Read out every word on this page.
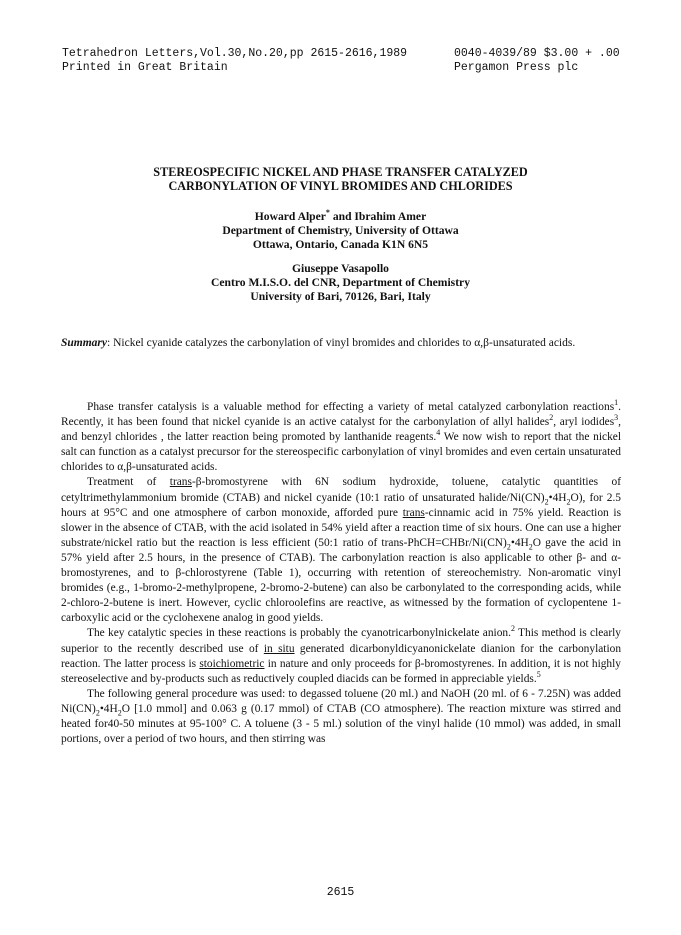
Tetrahedron Letters,Vol.30,No.20,pp 2615-2616,1989
Printed in Great Britain
0040-4039/89 $3.00 + .00
Pergamon Press plc
STEREOSPECIFIC NICKEL AND PHASE TRANSFER CATALYZED
CARBONYLATION OF VINYL BROMIDES AND CHLORIDES
Howard Alper* and Ibrahim Amer
Department of Chemistry, University of Ottawa
Ottawa, Ontario, Canada K1N 6N5
Giuseppe Vasapollo
Centro M.I.S.O. del CNR, Department of Chemistry
University of Bari, 70126, Bari, Italy
Summary: Nickel cyanide catalyzes the carbonylation of vinyl bromides and chlorides to α,β-unsaturated acids.

Phase transfer catalysis is a valuable method for effecting a variety of metal catalyzed carbonylation reactions$^1$. Recently, it has been found that nickel cyanide is an active catalyst for the carbonylation of allyl halides$^2$, aryl iodides$^3$, and benzyl chlorides , the latter reaction being promoted by lanthanide reagents.$^4$ We now wish to report that the nickel salt can function as a catalyst precursor for the stereospecific carbonylation of vinyl bromides and even certain unsaturated chlorides to α,β-unsaturated acids.

Treatment of trans-β-bromostyrene with 6N sodium hydroxide, toluene, catalytic quantities of cetyltrimethylammonium bromide (CTAB) and nickel cyanide (10:1 ratio of unsaturated halide/$Ni(CN)_2•4H_2O$), for 2.5 hours at 95°C and one atmosphere of carbon monoxide, afforded pure trans-cinnamic acid in 75% yield. Reaction is slower in the absence of CTAB, with the acid isolated in 54% yield after a reaction time of six hours. One can use a higher substrate/nickel ratio but the reaction is less efficient (50:1 ratio of trans-$PhCH=CHBr/Ni(CN)_2•4H_2O$ gave the acid in 57% yield after 2.5 hours, in the presence of CTAB). The carbonylation reaction is also applicable to other β- and α-bromostyrenes, and to β-chlorostyrene (Table 1), occurring with retention of stereochemistry. Non-aromatic vinyl bromides (e.g., 1-bromo-2-methylpropene, 2-bromo-2-butene) can also be carbonylated to the corresponding acids, while 2-chloro-2-butene is inert. However, cyclic chloroolefins are reactive, as witnessed by the formation of cyclopentene 1-carboxylic acid or the cyclohexene analog in good yields.

The key catalytic species in these reactions is probably the cyanotricarbonylnickelate anion.$^2$ This method is clearly superior to the recently described use of in situ generated dicarbonyldicyanonickelate dianion for the carbonylation reaction. The latter process is stoichiometric in nature and only proceeds for β-bromostyrenes. In addition, it is not highly stereoselective and by-products such as reductively coupled diacids can be formed in appreciable yields.$^5$

The following general procedure was used: to degassed toluene (20 ml.) and NaOH (20 ml. of 6 - 7.25N) was added $Ni(CN)_2•4H_2O$ [1.0 mmol] and 0.063 g (0.17 mmol) of CTAB (CO atmosphere). The reaction mixture was stirred and heated for40-50 minutes at 95-100° C. A toluene (3 - 5 ml.) solution of the vinyl halide (10 mmol) was added, in small portions, over a period of two hours, and then stirring was

2615
